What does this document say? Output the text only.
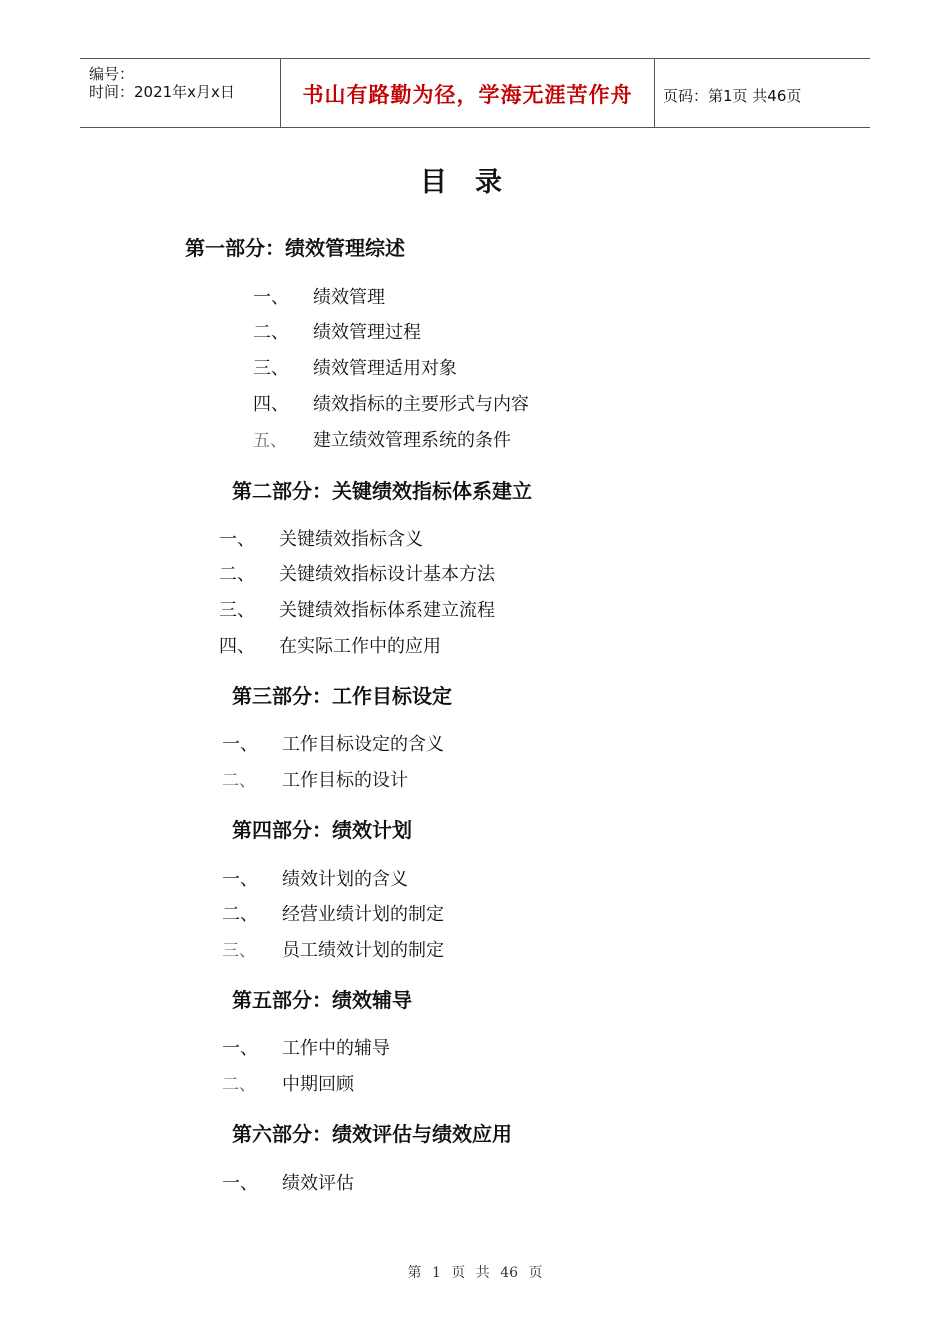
编号：
时间：2021年x月x日	书山有路勤为径，学海无涯苦作舟	页码：第1页 共46页
目录
第一部分：绩效管理综述
一、 绩效管理
二、 绩效管理过程
三、 绩效管理适用对象
四、 绩效指标的主要形式与内容
五、 建立绩效管理系统的条件
第二部分：关键绩效指标体系建立
一、 关键绩效指标含义
二、 关键绩效指标设计基本方法
三、 关键绩效指标体系建立流程
四、 在实际工作中的应用
第三部分：工作目标设定
一、 工作目标设定的含义
二、 工作目标的设计
第四部分：绩效计划
一、 绩效计划的含义
二、 经营业绩计划的制定
三、 员工绩效计划的制定
第五部分：绩效辅导
一、 工作中的辅导
二、 中期回顾
第六部分：绩效评估与绩效应用
一、 绩效评估
第 1 页 共 46 页
